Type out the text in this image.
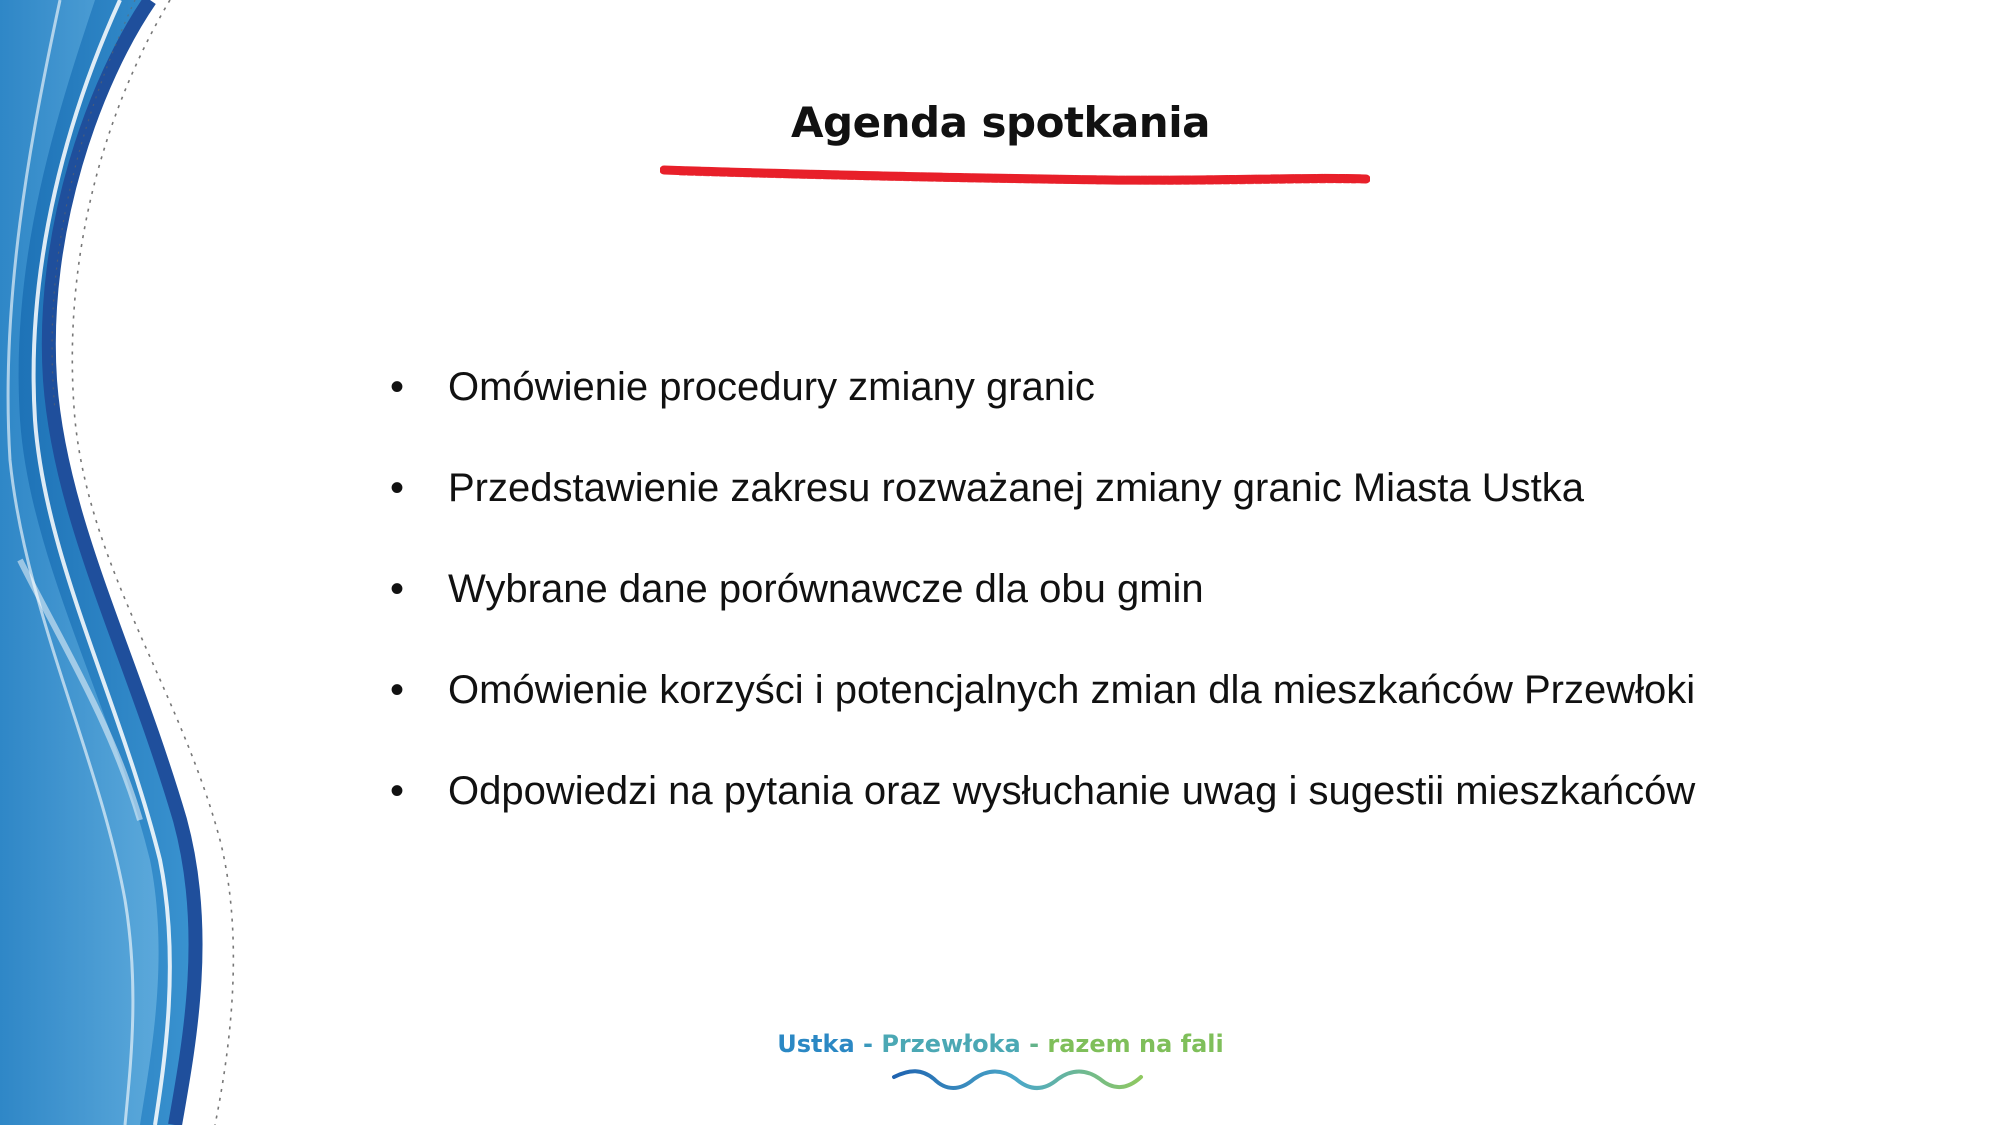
Agenda spotkania
•	Omówienie procedury zmiany granic
•	Przedstawienie zakresu rozważanej zmiany granic Miasta Ustka
•	Wybrane dane porównawcze dla obu gmin
•	Omówienie korzyści i potencjalnych zmian dla mieszkańców Przewłoki
•	Odpowiedzi na pytania oraz wysłuchanie uwag i sugestii mieszkańców
Ustka - Przewłoka - razem na fali
